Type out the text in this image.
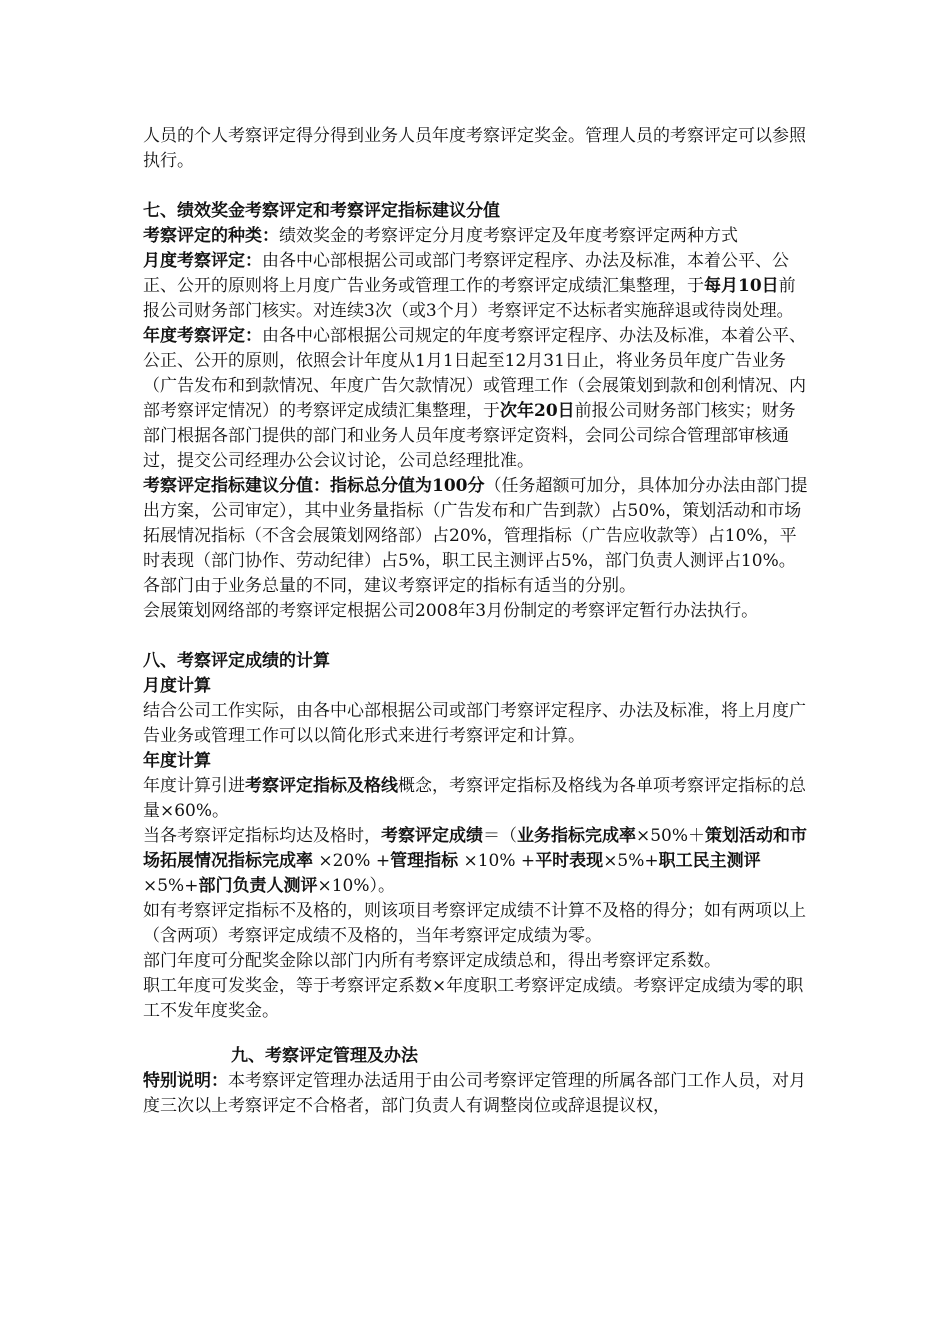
人员的个人考察评定得分得到业务人员年度考察评定奖金。管理人员的考察评定可以参照执行。

七、绩效奖金考察评定和考察评定指标建议分值

考察评定的种类：绩效奖金的考察评定分月度考察评定及年度考察评定两种方式

月度考察评定：由各中心部根据公司或部门考察评定程序、办法及标准，本着公平、公正、公开的原则将上月度广告业务或管理工作的考察评定成绩汇集整理，于每月10日前报公司财务部门核实。对连续3次（或3个月）考察评定不达标者实施辞退或待岗处理。

年度考察评定：由各中心部根据公司规定的年度考察评定程序、办法及标准，本着公平、公正、公开的原则，依照会计年度从1月1日起至12月31日止，将业务员年度广告业务（广告发布和到款情况、年度广告欠款情况）或管理工作（会展策划到款和创利情况、内部考察评定情况）的考察评定成绩汇集整理，于次年20日前报公司财务部门核实；财务部门根据各部门提供的部门和业务人员年度考察评定资料，会同公司综合管理部审核通过，提交公司经理办公会议讨论，公司总经理批准。

考察评定指标建议分值：指标总分值为100分（任务超额可加分，具体加分办法由部门提出方案，公司审定），其中业务量指标（广告发布和广告到款）占50%，策划活动和市场拓展情况指标（不含会展策划网络部）占20%，管理指标（广告应收款等）占10%，平时表现（部门协作、劳动纪律）占5%，职工民主测评占5%，部门负责人测评占10%。

各部门由于业务总量的不同，建议考察评定的指标有适当的分别。

会展策划网络部的考察评定根据公司2008年3月份制定的考察评定暂行办法执行。

八、考察评定成绩的计算

月度计算

结合公司工作实际，由各中心部根据公司或部门考察评定程序、办法及标准，将上月度广告业务或管理工作可以以简化形式来进行考察评定和计算。

年度计算

年度计算引进考察评定指标及格线概念，考察评定指标及格线为各单项考察评定指标的总量×60%。

当各考察评定指标均达及格时，考察评定成绩＝（业务指标完成率×50%＋策划活动和市场拓展情况指标完成率 ×20% +管理指标 ×10% +平时表现×5%+职工民主测评×5%+部门负责人测评×10%）。

如有考察评定指标不及格的，则该项目考察评定成绩不计算不及格的得分；如有两项以上（含两项）考察评定成绩不及格的，当年考察评定成绩为零。

部门年度可分配奖金除以部门内所有考察评定成绩总和，得出考察评定系数。

职工年度可发奖金，等于考察评定系数×年度职工考察评定成绩。考察评定成绩为零的职工不发年度奖金。

九、考察评定管理及办法

特别说明：本考察评定管理办法适用于由公司考察评定管理的所属各部门工作人员，对月度三次以上考察评定不合格者，部门负责人有调整岗位或辞退提议权，
